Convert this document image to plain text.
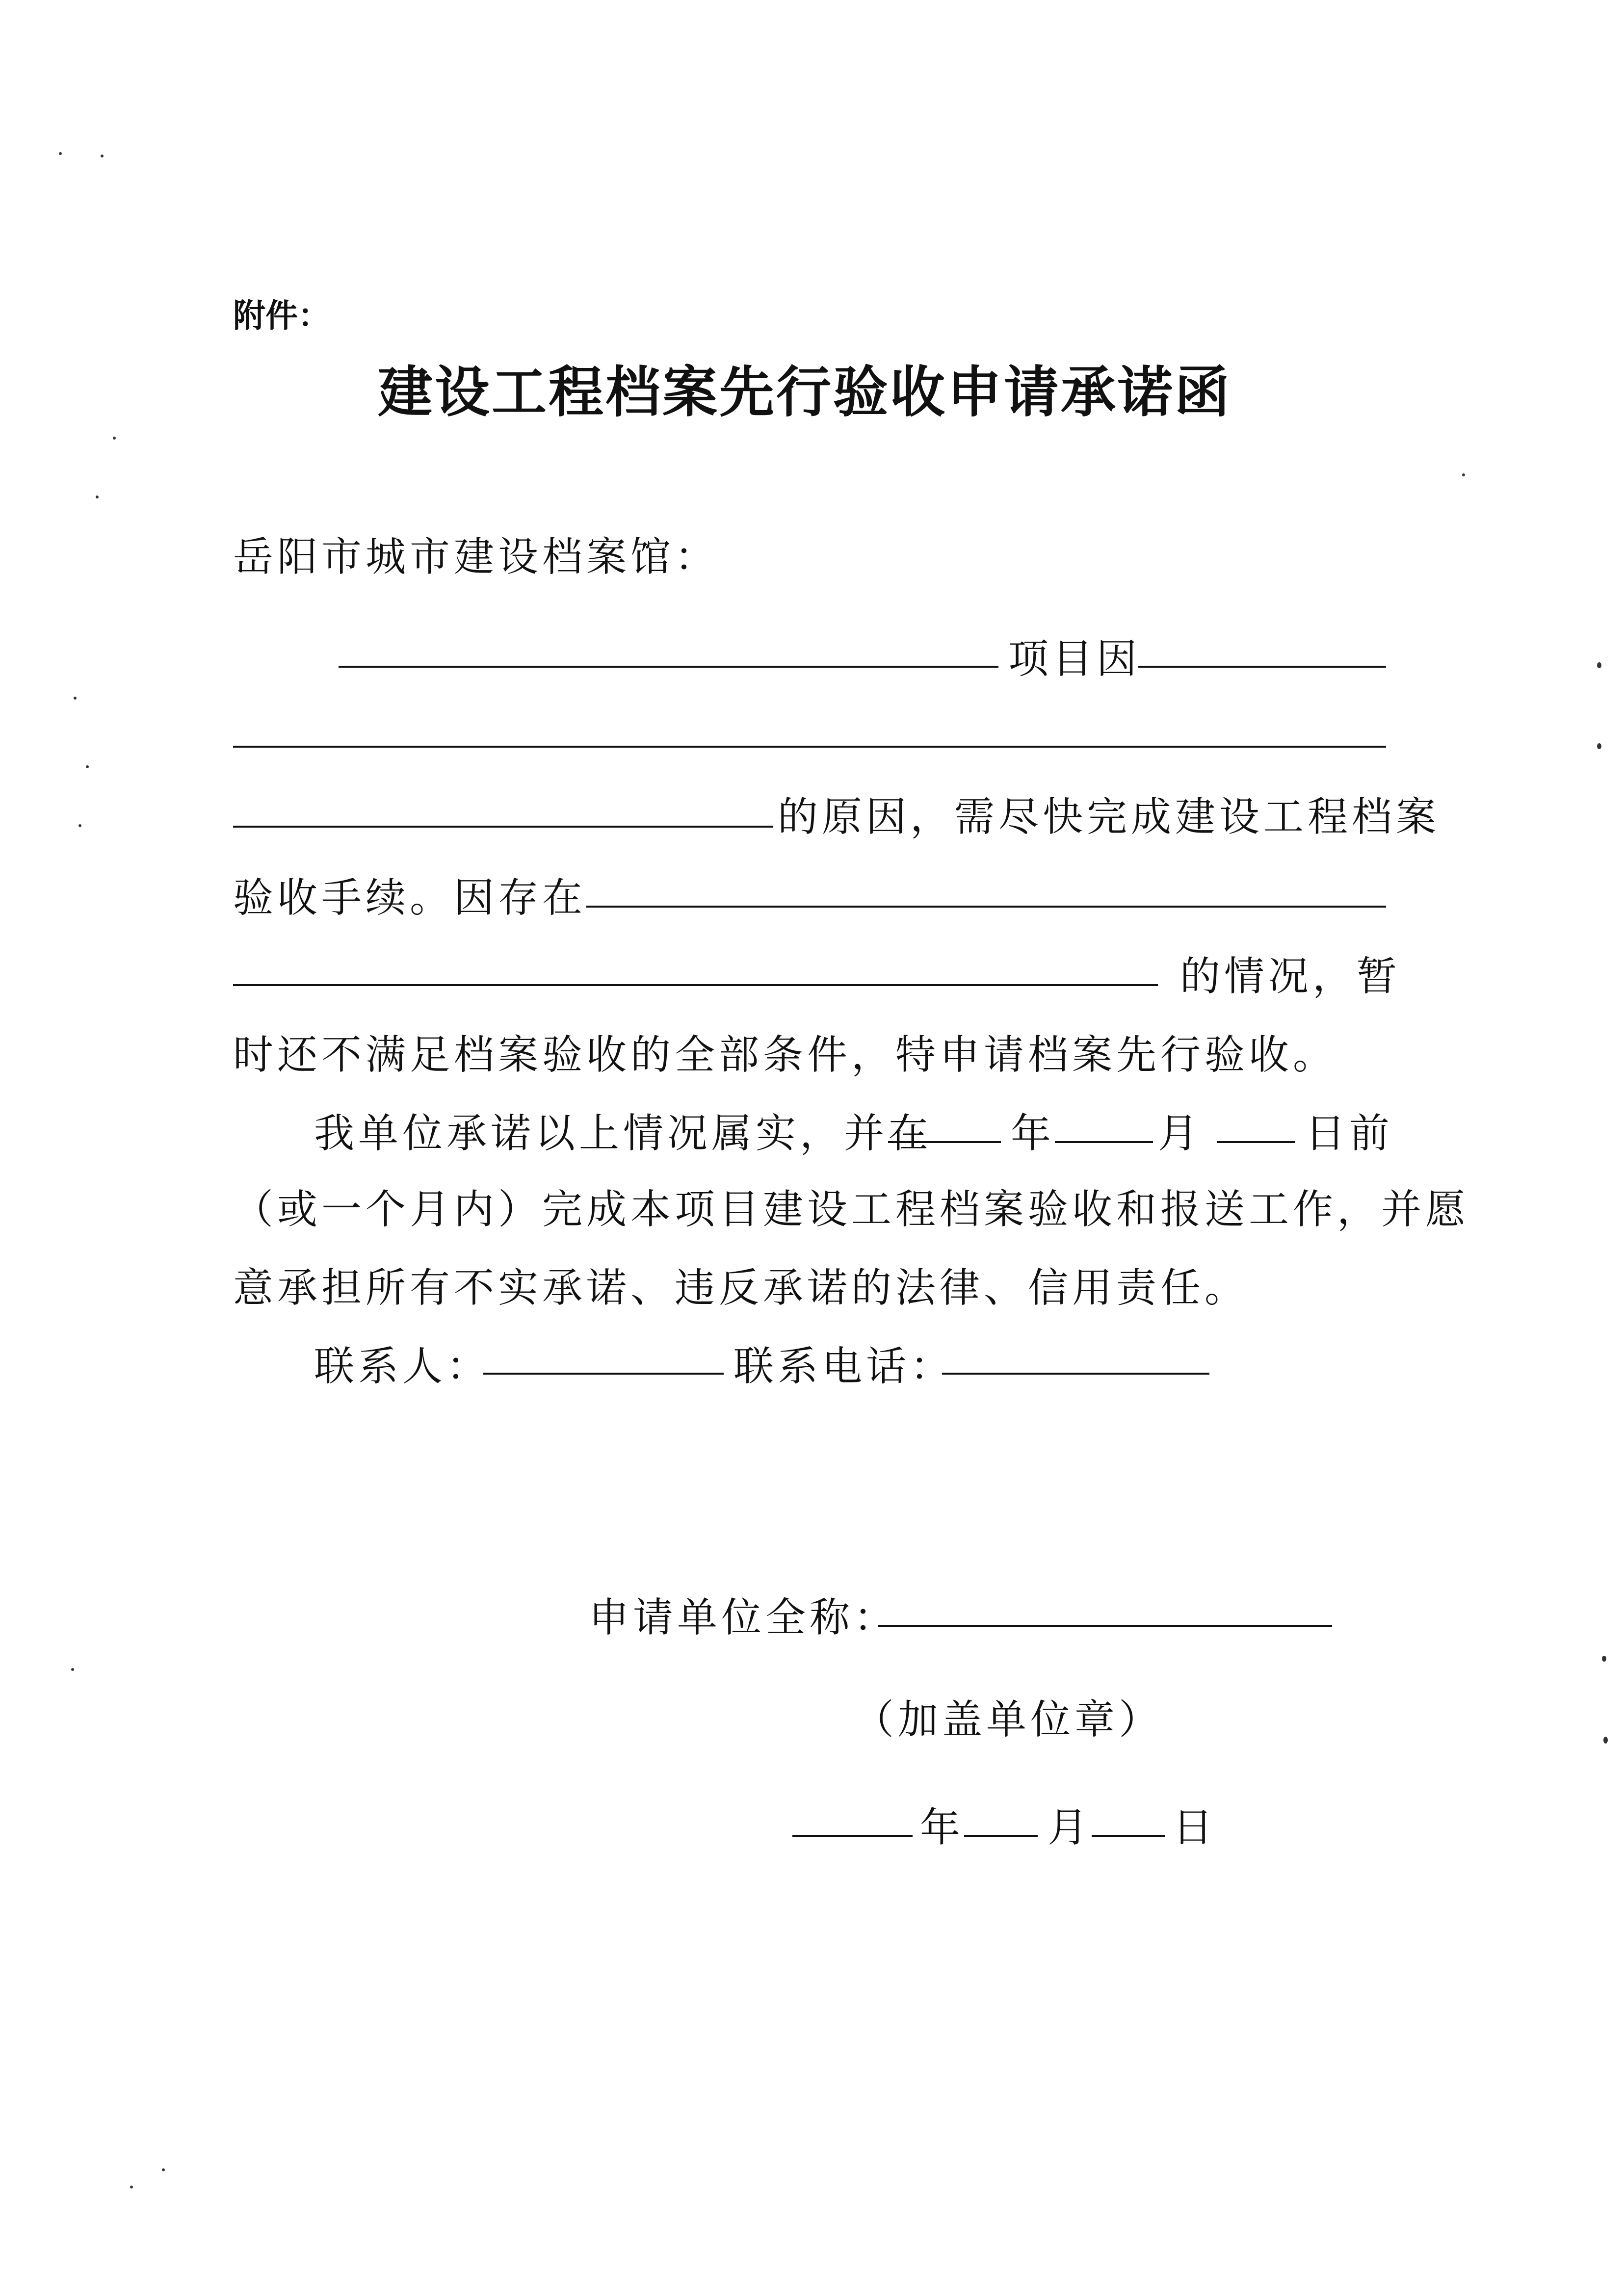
附件：
建设工程档案先行验收申请承诺函
岳阳市城市建设档案馆：
项目因
的原因，需尽快完成建设工程档案
验收手续。因存在
的情况，暂
时还不满足档案验收的全部条件，特申请档案先行验收。
我单位承诺以上情况属实，并在 年	月	日前
（或一个月内）完成本项目建设工程档案验收和报送工作，并愿
意承担所有不实承诺、违反承诺的法律、信用责任。
联系人：	联系电话：
申请单位全称：
（加盖单位章）
年 月 日
